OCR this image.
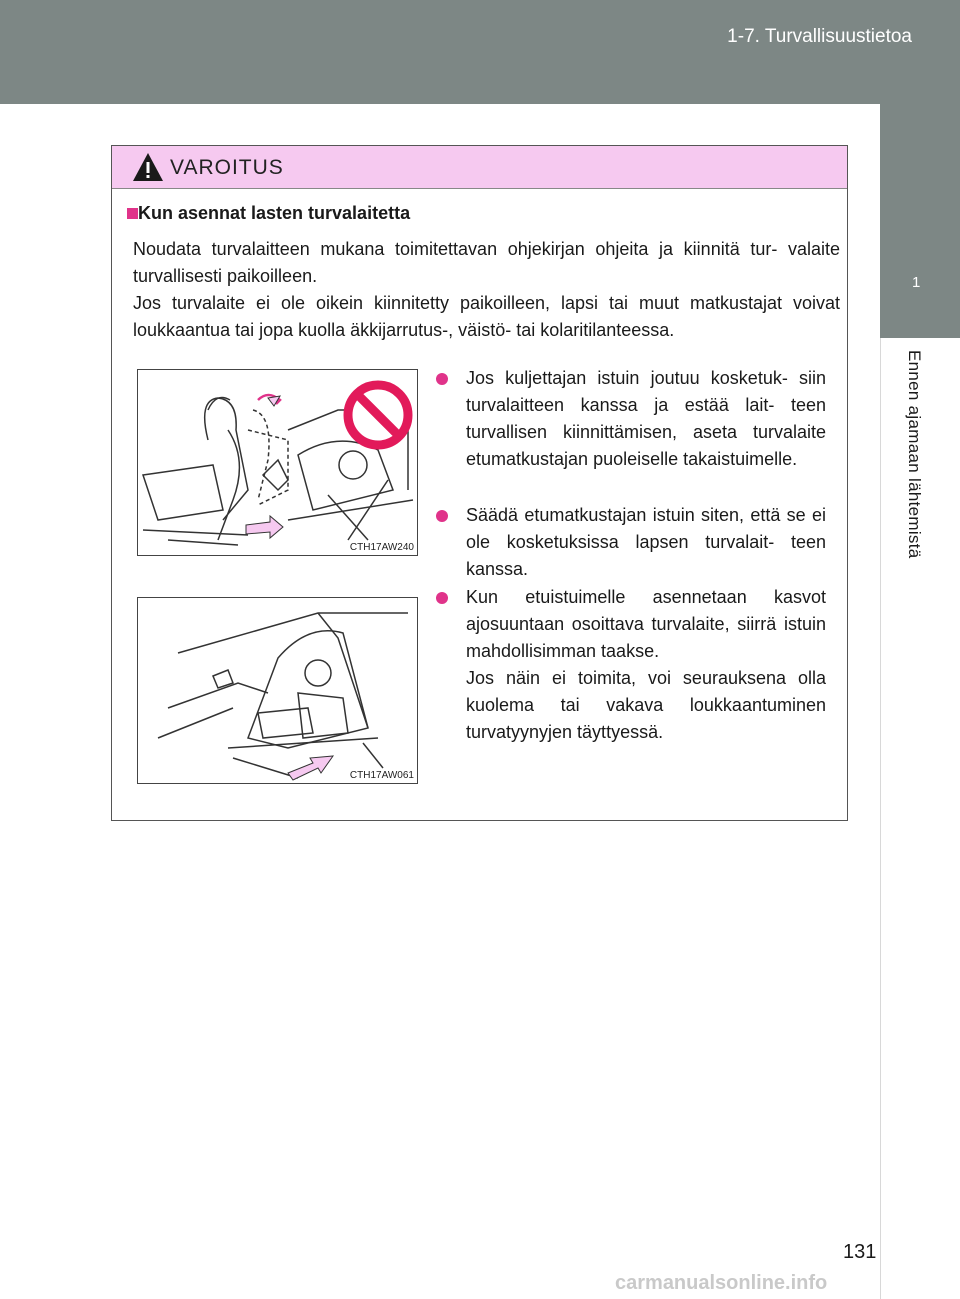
1-7. Turvallisuustietoa
1
Ennen ajamaan lähtemistä
VAROITUS
Kun asennat lasten turvalaitetta
Noudata turvalaitteen mukana toimitettavan ohjekirjan ohjeita ja kiinnitä tur- valaite turvallisesti paikoilleen.
Jos turvalaite ei ole oikein kiinnitetty paikoilleen, lapsi tai muut matkustajat voivat loukkaantua tai jopa kuolla äkkijarrutus-, väistö- tai kolaritilanteessa.
CTH17AW240
CTH17AW061
Jos kuljettajan istuin joutuu kosketuk- siin turvalaitteen kanssa ja estää lait- teen turvallisen kiinnittämisen, aseta turvalaite etumatkustajan puoleiselle takaistuimelle.
Säädä etumatkustajan istuin siten, että se ei ole kosketuksissa lapsen turvalait- teen kanssa.
Kun etuistuimelle asennetaan kasvot ajosuuntaan osoittava turvalaite, siirrä istuin mahdollisimman taakse.
Jos näin ei toimita, voi seurauksena olla kuolema tai vakava loukkaantuminen turvatyynyjen täyttyessä.
131
carmanualsonline.info
